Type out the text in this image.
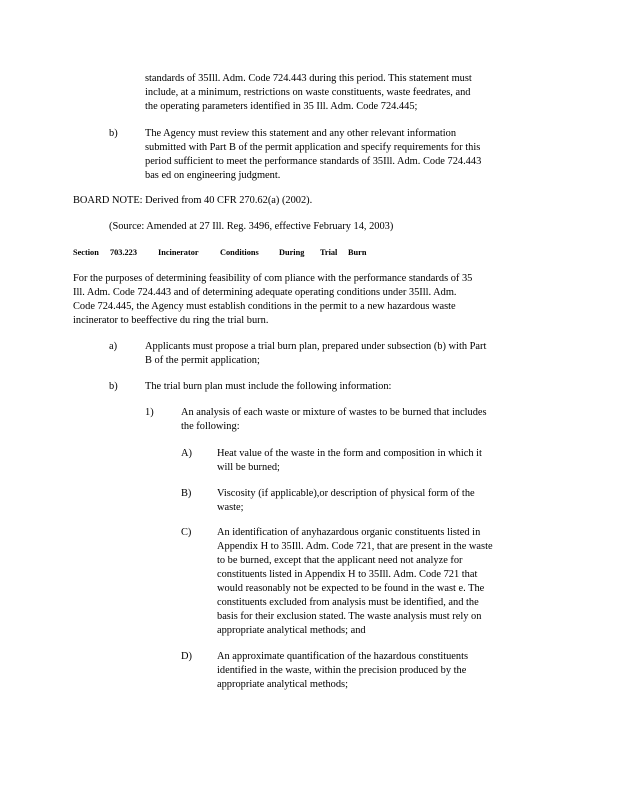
standards of 35Ill. Adm. Code 724.443 during this period. This statement must
include, at a minimum, restrictions on waste constituents, waste feedrates, and
the operating parameters identified in 35 Ill. Adm. Code 724.445;
b)	The Agency must review this statement and any other relevant information
submitted with Part B of the permit application and specify requirements for this
period sufficient to meet the performance standards of 35Ill. Adm. Code 724.443
bas ed on engineering judgment.
BOARD NOTE: Derived from 40 CFR 270.62(a) (2002).
(Source: Amended at 27 Ill. Reg. 3496, effective February 14, 2003)
Section 703.223	Incinerator	Conditions During Trial Burn
For the purposes of determining feasibility of com pliance with the performance standards of 35
Ill. Adm. Code 724.443 and of determining adequate operating conditions under 35Ill. Adm.
Code 724.445, the Agency must establish conditions in the permit to a new hazardous waste
incinerator to beeffective du ring the trial burn.
a)	Applicants must propose a trial burn plan, prepared under subsection (b) with Part
B of the permit application;
b)	The trial burn plan must include the following information:
1)	An analysis of each waste or mixture of wastes to be burned that includes
the following:
A) Heat value of the waste in the form and composition in which it
will be burned;
B) Viscosity (if applicable),or description of physical form of the
waste;
C) An identification of anyhazardous organic constituents listed in
Appendix H to 35Ill. Adm. Code 721, that are present in the waste
to be burned, except that the applicant need not analyze for
constituents listed in Appendix H to 35Ill. Adm. Code 721 that
would reasonably not be expected to be found in the wast e. The
constituents excluded from analysis must be identified, and the
basis for their exclusion stated. The waste analysis must rely on
appropriate analytical methods; and
D) An approximate quantification of the hazardous constituents
identified in the waste, within the precision produced by the
appropriate analytical methods;
